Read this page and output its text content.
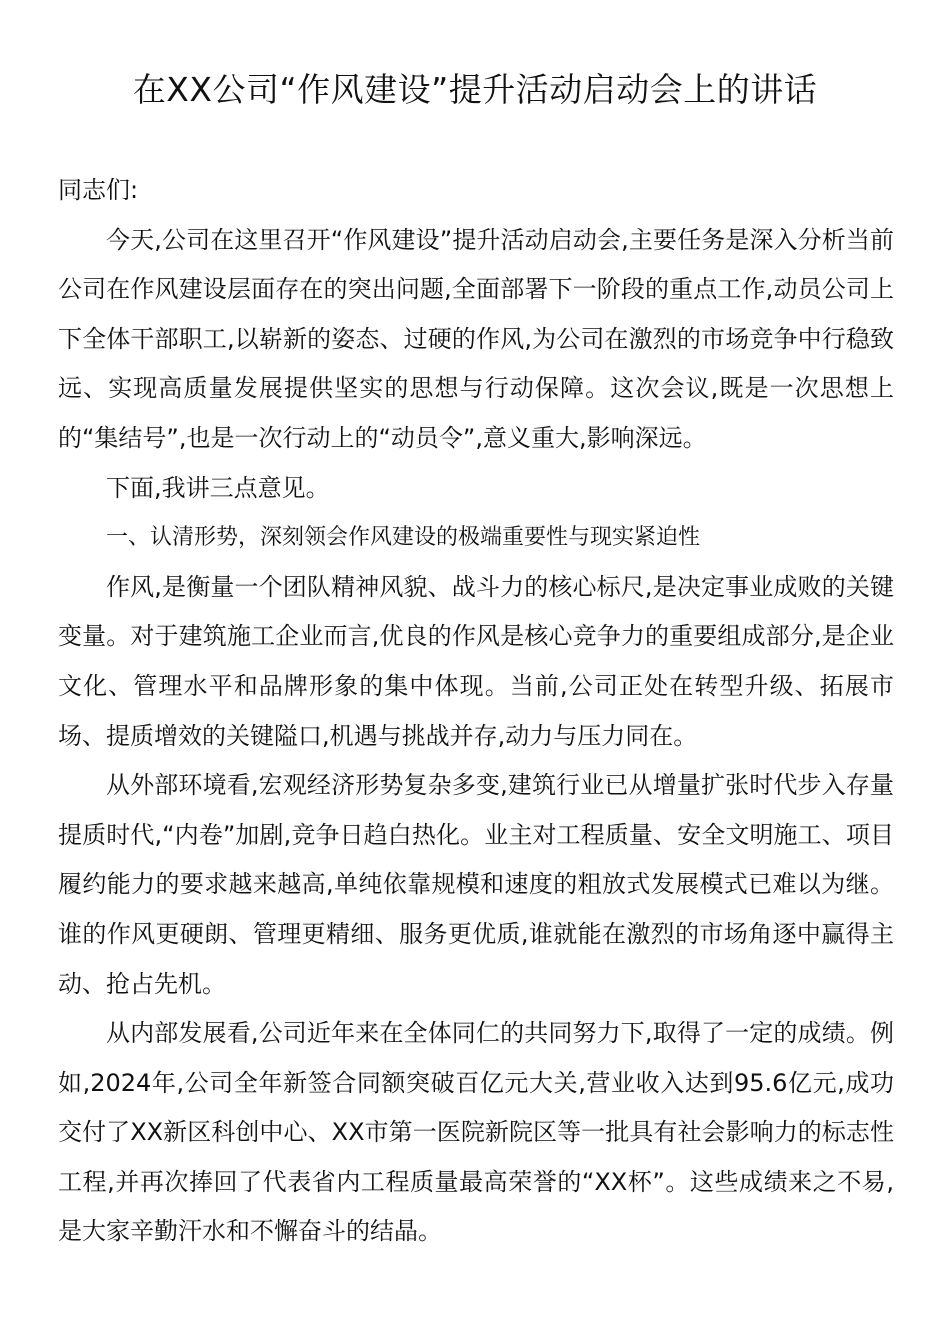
在XX公司“作风建设”提升活动启动会上的讲话

同志们:

今天,公司在这里召开“作风建设”提升活动启动会,主要任务是深入分析当前公司在作风建设层面存在的突出问题,全面部署下一阶段的重点工作,动员公司上下全体干部职工,以崭新的姿态、过硬的作风,为公司在激烈的市场竞争中行稳致远、实现高质量发展提供坚实的思想与行动保障。这次会议,既是一次思想上的“集结号”,也是一次行动上的“动员令”,意义重大,影响深远。

下面,我讲三点意见。

一、认清形势，深刻领会作风建设的极端重要性与现实紧迫性

作风,是衡量一个团队精神风貌、战斗力的核心标尺,是决定事业成败的关键变量。对于建筑施工企业而言,优良的作风是核心竞争力的重要组成部分,是企业文化、管理水平和品牌形象的集中体现。当前,公司正处在转型升级、拓展市场、提质增效的关键隘口,机遇与挑战并存,动力与压力同在。

从外部环境看,宏观经济形势复杂多变,建筑行业已从增量扩张时代步入存量提质时代,“内卷”加剧,竞争日趋白热化。业主对工程质量、安全文明施工、项目履约能力的要求越来越高,单纯依靠规模和速度的粗放式发展模式已难以为继。谁的作风更硬朗、管理更精细、服务更优质,谁就能在激烈的市场角逐中赢得主动、抢占先机。

从内部发展看,公司近年来在全体同仁的共同努力下,取得了一定的成绩。例如,2024年,公司全年新签合同额突破百亿元大关,营业收入达到95.6亿元,成功交付了XX新区科创中心、XX市第一医院新院区等一批具有社会影响力的标志性工程,并再次捧回了代表省内工程质量最高荣誉的“XX杯”。这些成绩来之不易,是大家辛勤汗水和不懈奋斗的结晶。
